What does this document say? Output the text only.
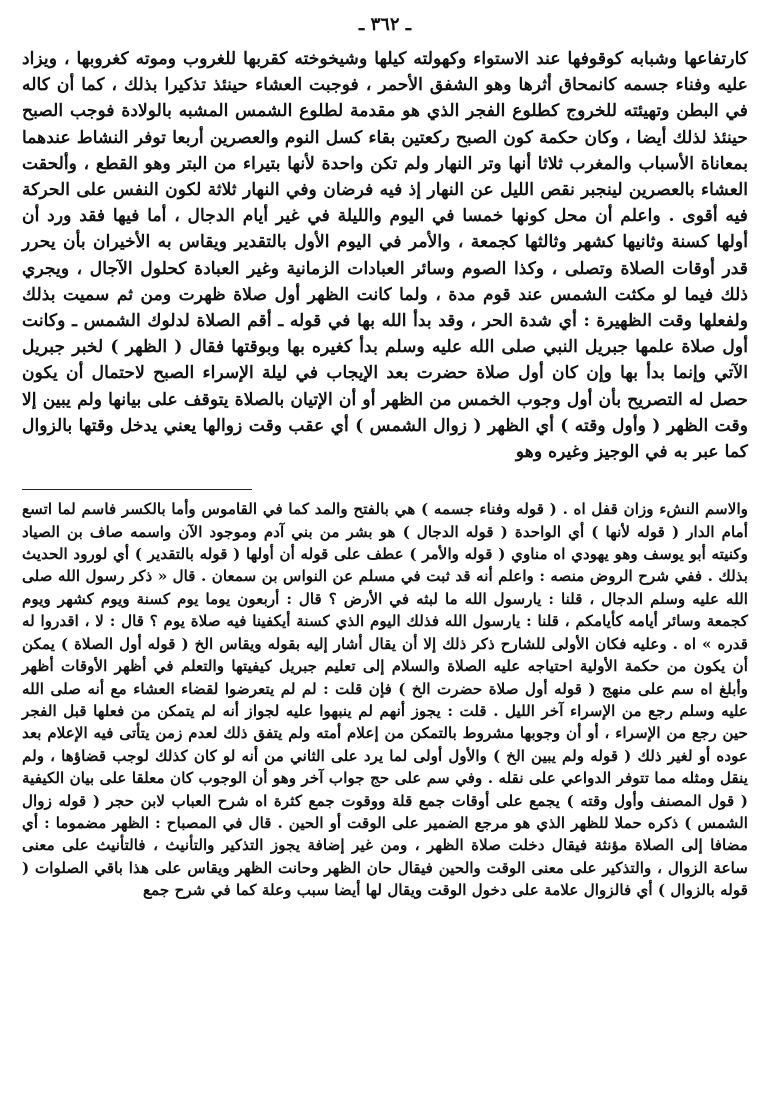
ـ ٣٦٢ ـ

كارتفاعها وشبابه كوقوفها عند الاستواء وكهولته كيلها وشيخوخته كقربها للغروب وموته كغروبها ، ويزاد عليه وفناء جسمه كانمحاق أثرها وهو الشفق الأحمر ، فوجبت العشاء حينئذ تذكيرا بذلك ، كما أن كاله في البطن وتهيئته للخروج كطلوع الفجر الذي هو مقدمة لطلوع الشمس المشبه بالولادة فوجب الصبح حينئذ لذلك أيضا ، وكان حكمة كون الصبح ركعتين بقاء كسل النوم والعصرين أربعا توفر النشاط عندهما بمعاناة الأسباب والمغرب ثلاثا أنها وتر النهار ولم تكن واحدة لأنها بتيراء من البتر وهو القطع ، وألحقت العشاء بالعصرين لينجبر نقص الليل عن النهار إذ فيه فرضان وفي النهار ثلاثة لكون النفس على الحركة فيه أقوى . واعلم أن محل كونها خمسا في اليوم والليلة في غير أيام الدجال ، أما فيها فقد ورد أن أولها كسنة وثانيها كشهر وثالثها كجمعة ، والأمر في اليوم الأول بالتقدير ويقاس به الأخيران بأن يحرر قدر أوقات الصلاة وتصلى ، وكذا الصوم وسائر العبادات الزمانية وغير العبادة كحلول الآجال ، ويجري ذلك فيما لو مكثت الشمس عند قوم مدة ، ولما كانت الظهر أول صلاة ظهرت ومن ثم سميت بذلك ولفعلها وقت الظهيرة : أي شدة الحر ، وقد بدأ الله بها في قوله ـ أقم الصلاة لدلوك الشمس ـ وكانت أول صلاة علمها جبريل النبي صلى الله عليه وسلم بدأ كغيره بها وبوقتها فقال ( الظهر ) لخبر جبريل الآتي وإنما بدأ بها وإن كان أول صلاة حضرت بعد الإيجاب في ليلة الإسراء الصبح لاحتمال أن يكون حصل له التصريح بأن أول وجوب الخمس من الظهر أو أن الإتيان بالصلاة يتوقف على بيانها ولم يبين إلا وقت الظهر ( وأول وقته ) أي الظهر ( زوال الشمس ) أي عقب وقت زوالها يعني يدخل وقتها بالزوال كما عبر به في الوجيز وغيره وهو

والاسم النشء وزان قفل اه . ( قوله وفناء جسمه ) هي بالفتح والمد كما في القاموس وأما بالكسر فاسم لما اتسع أمام الدار ( قوله لأنها ) أي الواحدة ( قوله الدجال ) هو بشر من بني آدم وموجود الآن واسمه صاف بن الصياد وكنيته أبو يوسف وهو يهودي اه مناوي ( قوله والأمر ) عطف على قوله أن أولها ( قوله بالتقدير ) أي لورود الحديث بذلك . ففي شرح الروض منصه : واعلم أنه قد ثبت في مسلم عن النواس بن سمعان . قال « ذكر رسول الله صلى الله عليه وسلم الدجال ، قلنا : يارسول الله ما لبثه في الأرض ؟ قال : أربعون يوما يوم كسنة ويوم كشهر ويوم كجمعة وسائر أيامه كأيامكم ، قلنا : يارسول الله فذلك اليوم الذي كسنة أيكفينا فيه صلاة يوم ؟ قال : لا ، اقدروا له قدره » اه . وعليه فكان الأولى للشارح ذكر ذلك إلا أن يقال أشار إليه بقوله ويقاس الخ ( قوله أول الصلاة ) يمكن أن يكون من حكمة الأولية احتياجه عليه الصلاة والسلام إلى تعليم جبريل كيفيتها والتعلم في أظهر الأوقات أظهر وأبلغ اه سم على منهج ( قوله أول صلاة حضرت الخ ) فإن قلت : لم لم يتعرضوا لقضاء العشاء مع أنه صلى الله عليه وسلم رجع من الإسراء آخر الليل . قلت : يجوز أنهم لم ينبهوا عليه لجواز أنه لم يتمكن من فعلها قبل الفجر حين رجع من الإسراء ، أو أن وجوبها مشروط بالتمكن من إعلام أمته ولم يتفق ذلك لعدم زمن يتأتى فيه الإعلام بعد عوده أو لغير ذلك ( قوله ولم يبين الخ ) والأول أولى لما يرد على الثاني من أنه لو كان كذلك لوجب قضاؤها ، ولم ينقل ومثله مما تتوفر الدواعي على نقله . وفي سم على حج جواب آخر وهو أن الوجوب كان معلقا على بيان الكيفية ( قول المصنف وأول وقته ) يجمع على أوقات جمع قلة ووقوت جمع كثرة اه شرح العباب لابن حجر ( قوله زوال الشمس ) ذكره حملا للظهر الذي هو مرجع الضمير على الوقت أو الحين . قال في المصباح : الظهر مضموما : أي مضافا إلى الصلاة مؤنثة فيقال دخلت صلاة الظهر ، ومن غير إضافة يجوز التذكير والتأنيث ، فالتأنيث على معنى ساعة الزوال ، والتذكير على معنى الوقت والحين فيقال حان الظهر وحانت الظهر ويقاس على هذا باقي الصلوات ( قوله بالزوال ) أي فالزوال علامة على دخول الوقت ويقال لها أيضا سبب وعلة كما في شرح جمع
